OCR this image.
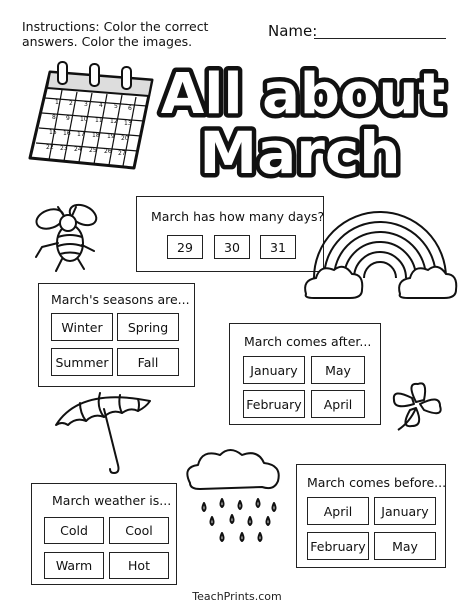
Instructions: Color the correct
answers. Color the images.
Name:
1 2 3 4 5 6
8 9 10 11 12 13
15 16 17 18 19 20
22 23 24 25 26 27
All about
March
March has how many days?
29	30	31
March's seasons are...
Winter	Spring
Summer	Fall
March comes after...
January	May
February	April
March weather is...
Cold	Cool
Warm	Hot
March comes before...
April	January
February	May
TeachPrints.com
